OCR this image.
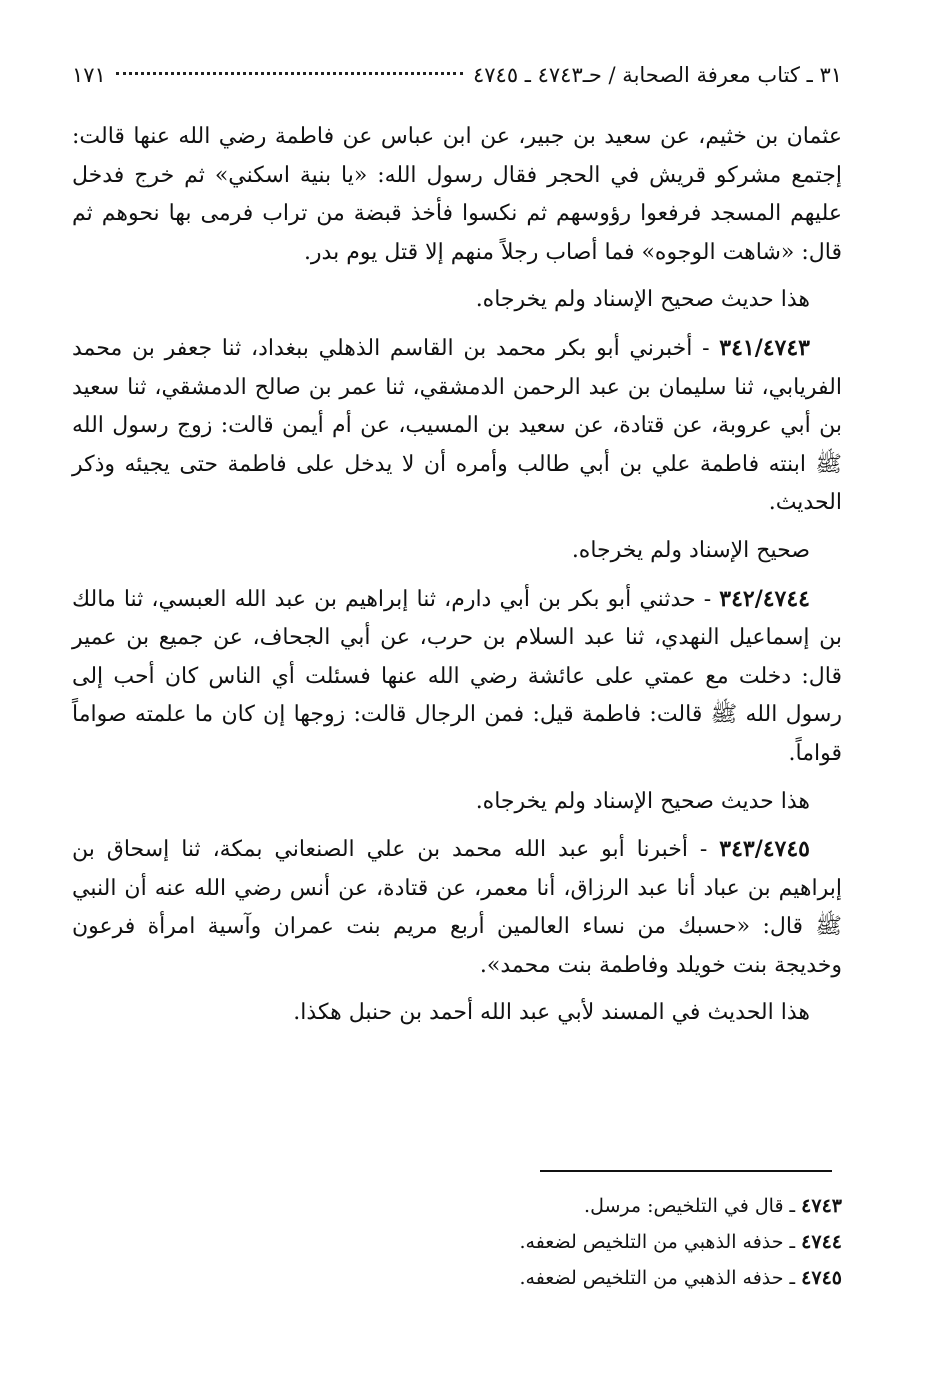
٣١ ـ كتاب معرفة الصحابة / حـ٤٧٤٣ ـ ٤٧٤٥
١٧١

عثمان بن خثيم، عن سعيد بن جبير، عن ابن عباس عن فاطمة رضي الله عنها قالت: إجتمع مشركو قريش في الحجر فقال رسول الله: «يا بنية اسكني» ثم خرج فدخل عليهم المسجد فرفعوا رؤوسهم ثم نكسوا فأخذ قبضة من تراب فرمى بها نحوهم ثم قال: «شاهت الوجوه» فما أصاب رجلاً منهم إلا قتل يوم بدر.

هذا حديث صحيح الإسناد ولم يخرجاه.

٣٤١/٤٧٤٣ - أخبرني أبو بكر محمد بن القاسم الذهلي ببغداد، ثنا جعفر بن محمد الفريابي، ثنا سليمان بن عبد الرحمن الدمشقي، ثنا عمر بن صالح الدمشقي، ثنا سعيد بن أبي عروبة، عن قتادة، عن سعيد بن المسيب، عن أم أيمن قالت: زوج رسول الله ﷺ ابنته فاطمة علي بن أبي طالب وأمره أن لا يدخل على فاطمة حتى يجيئه وذكر الحديث.

صحيح الإسناد ولم يخرجاه.

٣٤٢/٤٧٤٤ - حدثني أبو بكر بن أبي دارم، ثنا إبراهيم بن عبد الله العبسي، ثنا مالك بن إسماعيل النهدي، ثنا عبد السلام بن حرب، عن أبي الجحاف، عن جميع بن عمير قال: دخلت مع عمتي على عائشة رضي الله عنها فسئلت أي الناس كان أحب إلى رسول الله ﷺ قالت: فاطمة قيل: فمن الرجال قالت: زوجها إن كان ما علمته صواماً قواماً.

هذا حديث صحيح الإسناد ولم يخرجاه.

٣٤٣/٤٧٤٥ - أخبرنا أبو عبد الله محمد بن علي الصنعاني بمكة، ثنا إسحاق بن إبراهيم بن عباد أنا عبد الرزاق، أنا معمر، عن قتادة، عن أنس رضي الله عنه أن النبي ﷺ قال: «حسبك من نساء العالمين أربع مريم بنت عمران وآسية امرأة فرعون وخديجة بنت خويلد وفاطمة بنت محمد».

هذا الحديث في المسند لأبي عبد الله أحمد بن حنبل هكذا.

٤٧٤٣ ـ قال في التلخيص: مرسل.
٤٧٤٤ ـ حذفه الذهبي من التلخيص لضعفه.
٤٧٤٥ ـ حذفه الذهبي من التلخيص لضعفه.
